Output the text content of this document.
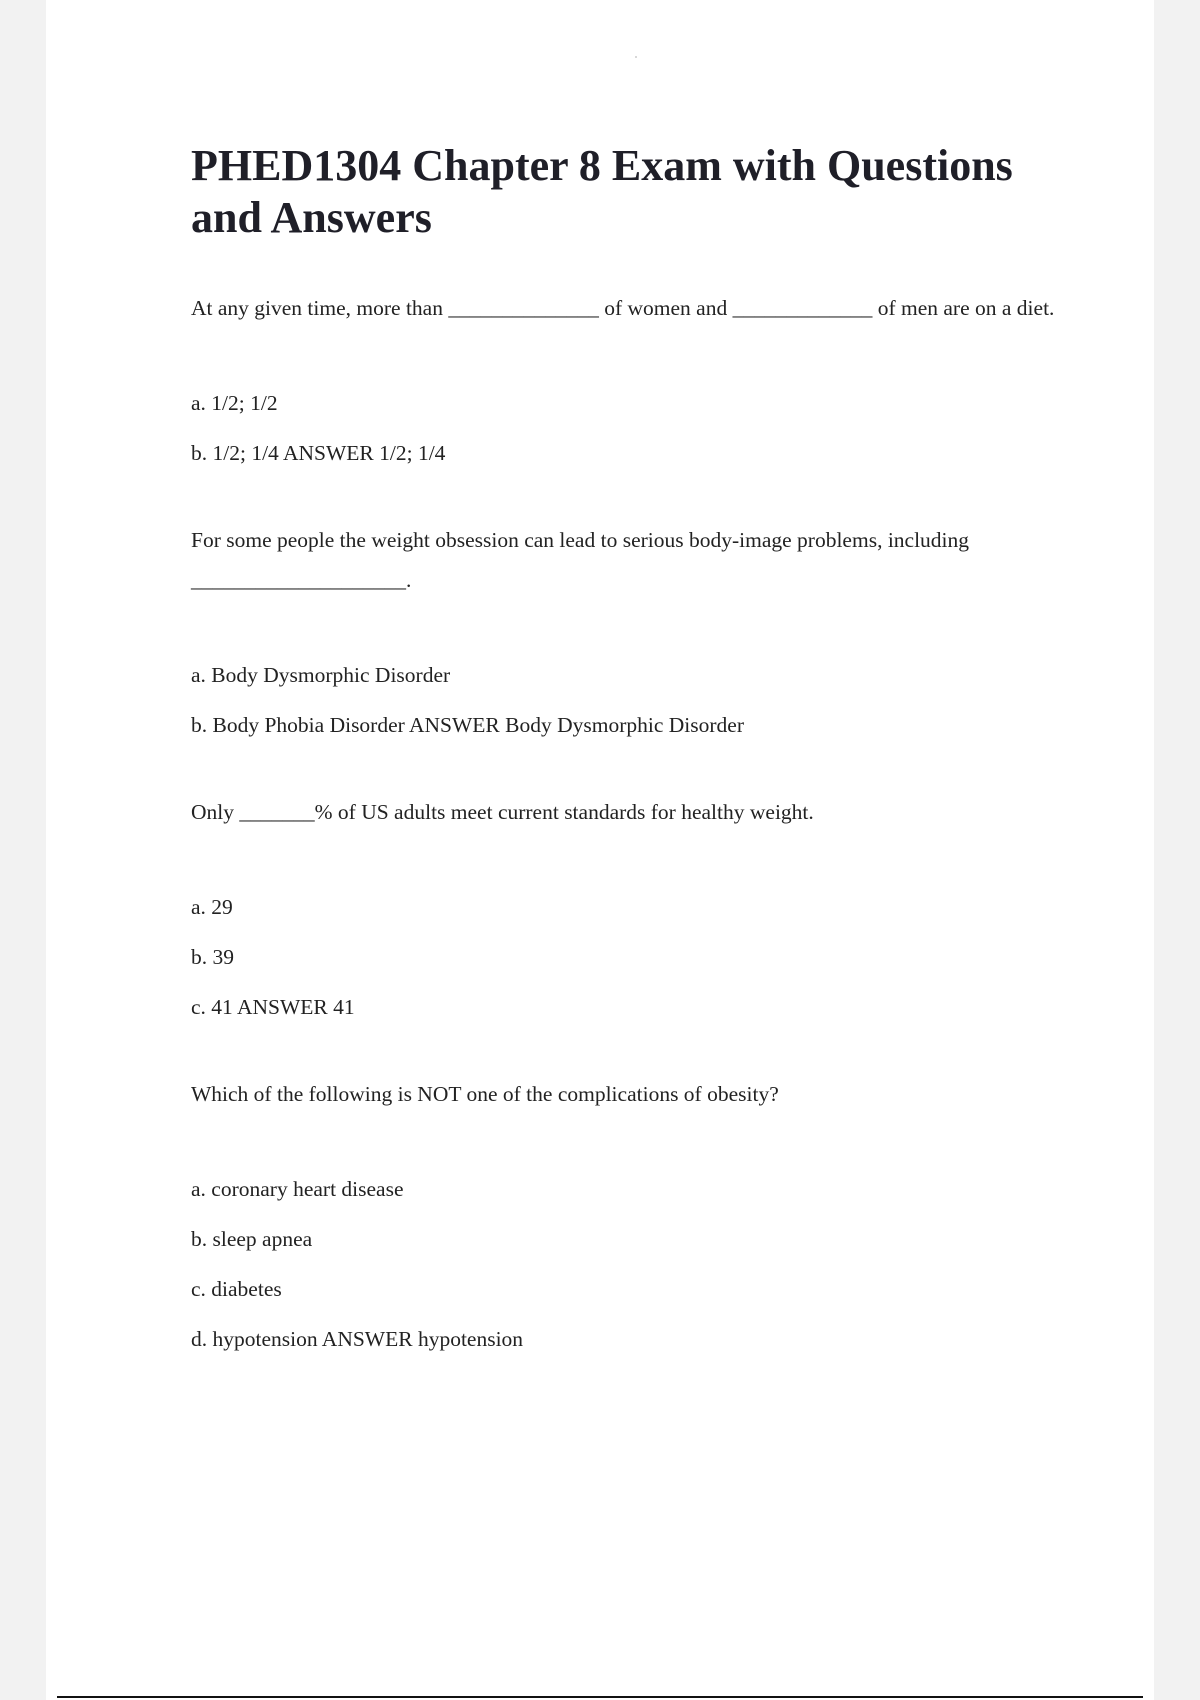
PHED1304 Chapter 8 Exam with Questions and Answers

At any given time, more than ______________ of women and _____________ of men are on a diet.

a. 1/2; 1/2

b. 1/2; 1/4 ANSWER 1/2; 1/4

For some people the weight obsession can lead to serious body-image problems, including ____________________.

a. Body Dysmorphic Disorder

b. Body Phobia Disorder ANSWER Body Dysmorphic Disorder

Only _______% of US adults meet current standards for healthy weight.

a. 29

b. 39

c. 41 ANSWER 41

Which of the following is NOT one of the complications of obesity?

a. coronary heart disease

b. sleep apnea

c. diabetes

d. hypotension ANSWER hypotension
